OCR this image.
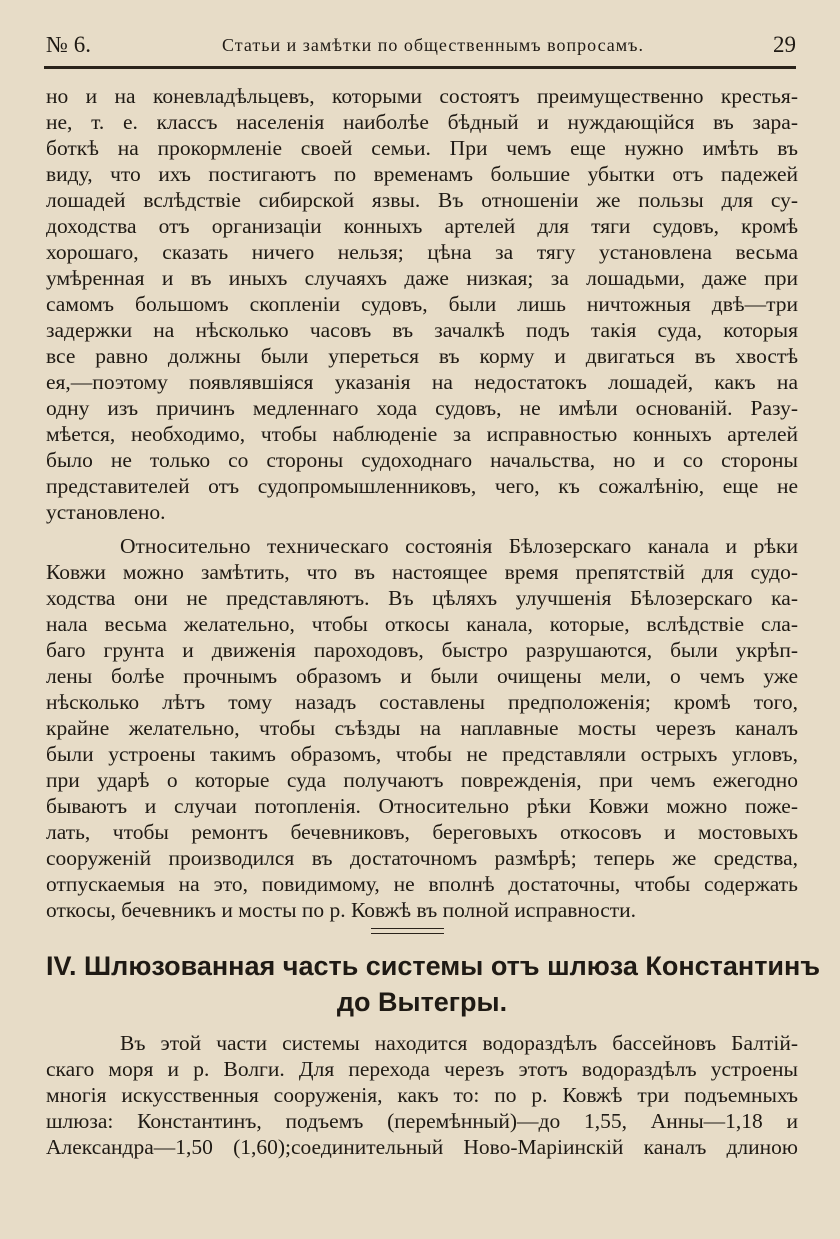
№ 6.	Статьи и замѣтки по общественнымъ вопросамъ.	29
но и на коневладѣльцевъ, которыми состоятъ преимущественно крестья-
не, т. е. классъ населенія наиболѣе бѣдный и нуждающійся въ зара-
боткѣ на прокормленіе своей семьи. При чемъ еще нужно имѣть въ
виду, что ихъ постигаютъ по временамъ большие убытки отъ падежей
лошадей вслѣдствіе сибирской язвы. Въ отношеніи же пользы для су-
доходства отъ организаціи конныхъ артелей для тяги судовъ, кромѣ
хорошаго, сказать ничего нельзя; цѣна за тягу установлена весьма
умѣренная и въ иныхъ случаяхъ даже низкая; за лошадьми, даже при
самомъ большомъ скопленіи судовъ, были лишь ничтожныя двѣ—три
задержки на нѣсколько часовъ въ зачалкѣ подъ такія суда, которыя
все равно должны были упереться въ корму и двигаться въ хвостѣ
ея,—поэтому появлявшіяся указанія на недостатокъ лошадей, какъ на
одну изъ причинъ медленнаго хода судовъ, не имѣли основаній. Разу-
мѣется, необходимо, чтобы наблюденіе за исправностью конныхъ артелей
было не только со стороны судоходнаго начальства, но и со стороны
представителей отъ судопромышленниковъ, чего, къ сожалѣнію, еще не
установлено.
Относительно техническаго состоянія Бѣлозерскаго канала и рѣки
Ковжи можно замѣтить, что въ настоящее время препятствій для судо-
ходства они не представляютъ. Въ цѣляхъ улучшенія Бѣлозерскаго ка-
нала весьма желательно, чтобы откосы канала, которые, вслѣдствіе сла-
баго грунта и движенія пароходовъ, быстро разрушаются, были укрѣп-
лены болѣе прочнымъ образомъ и были очищены мели, о чемъ уже
нѣсколько лѣтъ тому назадъ составлены предположенія; кромѣ того,
крайне желательно, чтобы съѣзды на наплавные мосты черезъ каналъ
были устроены такимъ образомъ, чтобы не представляли острыхъ угловъ,
при ударѣ о которые суда получаютъ поврежденія, при чемъ ежегодно
бываютъ и случаи потопленія. Относительно рѣки Ковжи можно поже-
лать, чтобы ремонтъ бечевниковъ, береговыхъ откосовъ и мостовыхъ
сооруженій производился въ достаточномъ размѣрѣ; теперь же средства,
отпускаемыя на это, повидимому, не вполнѣ достаточны, чтобы содержать
откосы, бечевникъ и мосты по р. Ковжѣ въ полной исправности.
IV. Шлюзованная часть системы отъ шлюза Константинъ
до Вытегры.
Въ этой части системы находится водораздѣлъ бассейновъ Балтій-
скаго моря и р. Волги. Для перехода черезъ этотъ водораздѣлъ устроены
многія искусственныя сооруженія, какъ то: по р. Ковжѣ три подъемныхъ
шлюза: Константинъ, подъемъ (перемѣнный)—до 1,55, Анны—1,18 и
Александра—1,50 (1,60);соединительный Ново-Маріинскій каналъ длиною
